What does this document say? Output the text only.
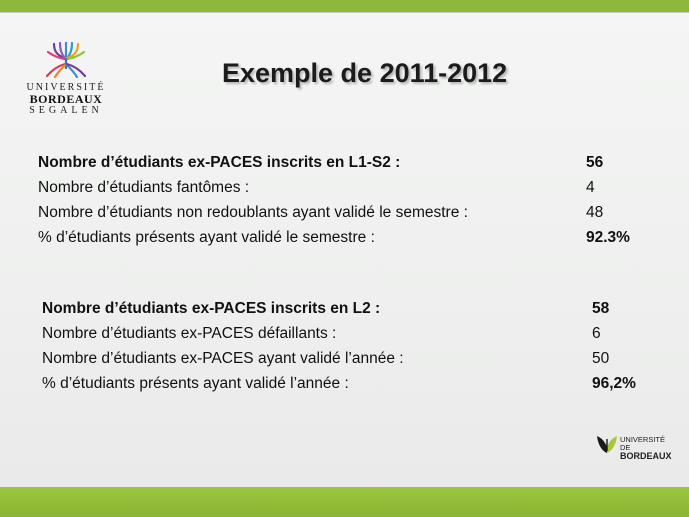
UNIVERSITÉ
BORDEAUX
SEGALEN
Exemple de 2011-2012
Nombre d’étudiants ex-PACES inscrits en L1-S2 :	56
Nombre d’étudiants fantômes :	4
Nombre d’étudiants non redoublants ayant validé le semestre :	48
% d’étudiants présents ayant validé le semestre :	92.3%
Nombre d’étudiants ex-PACES inscrits en L2 :	58
Nombre d’étudiants ex-PACES défaillants :	6
Nombre d’étudiants ex-PACES ayant validé l’année :	50
% d’étudiants présents ayant validé l’année :	96,2%
UNIVERSITÉ DE
BORDEAUX
